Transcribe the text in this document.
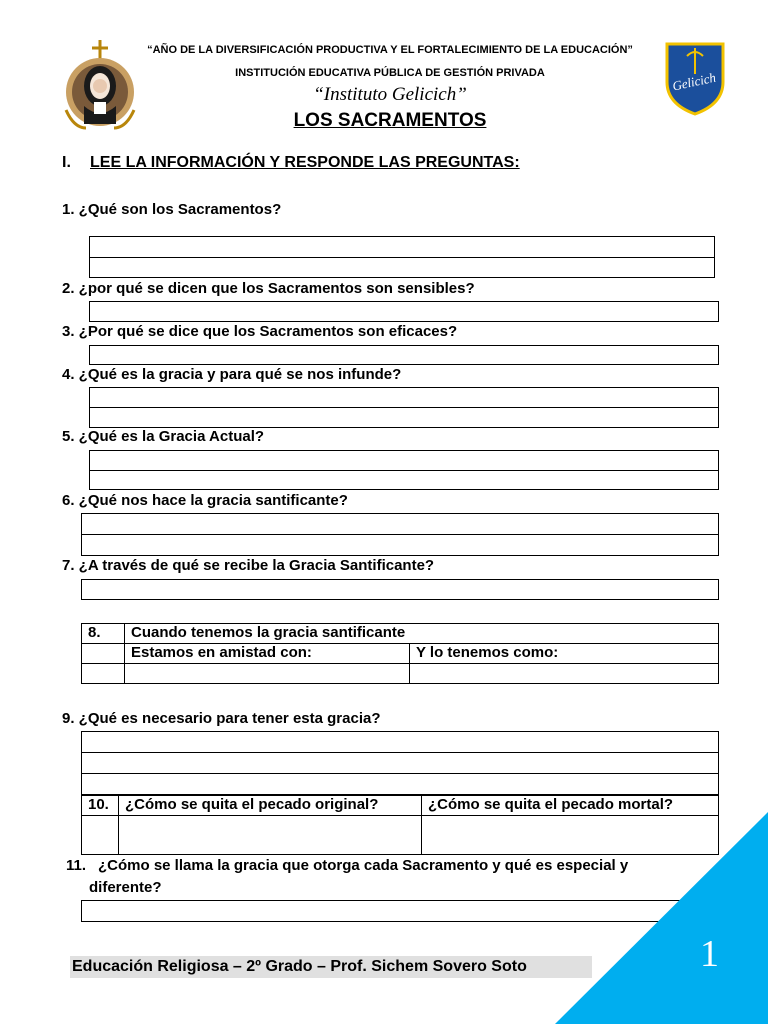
Gelicich
“AÑO DE LA DIVERSIFICACIÓN PRODUCTIVA Y EL FORTALECIMIENTO DE LA EDUCACIÓN”
INSTITUCIÓN EDUCATIVA PÚBLICA DE GESTIÓN PRIVADA
“Instituto Gelicich”
LOS SACRAMENTOS
I. LEE LA INFORMACIÓN Y RESPONDE LAS PREGUNTAS:
1. ¿Qué son los Sacramentos?
2. ¿por qué se dicen que los Sacramentos son sensibles?
3. ¿Por qué se dice que los Sacramentos son eficaces?
4. ¿Qué es la gracia y para qué se nos infunde?
5. ¿Qué es la Gracia Actual?
6. ¿Qué nos hace la gracia santificante?
7. ¿A través de qué se recibe la Gracia Santificante?
8.	Cuando tenemos la gracia santificante	
	Estamos en amistad con:	Y lo tenemos como:

9. ¿Qué es necesario para tener esta gracia?
10.	¿Cómo se quita el pecado original?	¿Cómo se quita el pecado mortal?

11. ¿Cómo se llama la gracia que otorga cada Sacramento y qué es especial y
diferente?
Educación Religiosa – 2º Grado – Prof. Sichem Sovero Soto	1
